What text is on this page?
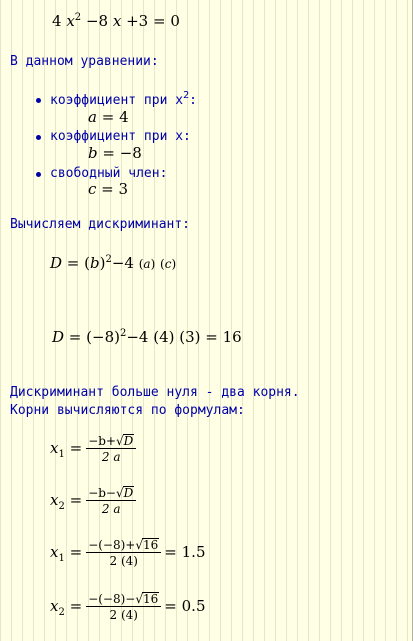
4 $x^2 -8$ x +3 = 0
В данном уравнении:
коэффициент при $x^2$:
a = 4
коэффициент при x:
b = −8
свободный член:
c = 3
Вычисляем дискриминант:
$D = (b)^2-4$ (a) (c)
$D = (-8)^2-4$ (4) (3) = 16
Дискриминант больше нуля - два корня.
Корни вычисляются по формулам:
$x_1 = \frac{-b+√D}{2 a}$
$x_2 = \frac{-b-√D}{2 a}$
$x_1 = \frac{-(-8)+√16}{2 (4)} = 1.5$
$x_2 = \frac{-(-8)-√16}{2 (4)} = 0.5$
